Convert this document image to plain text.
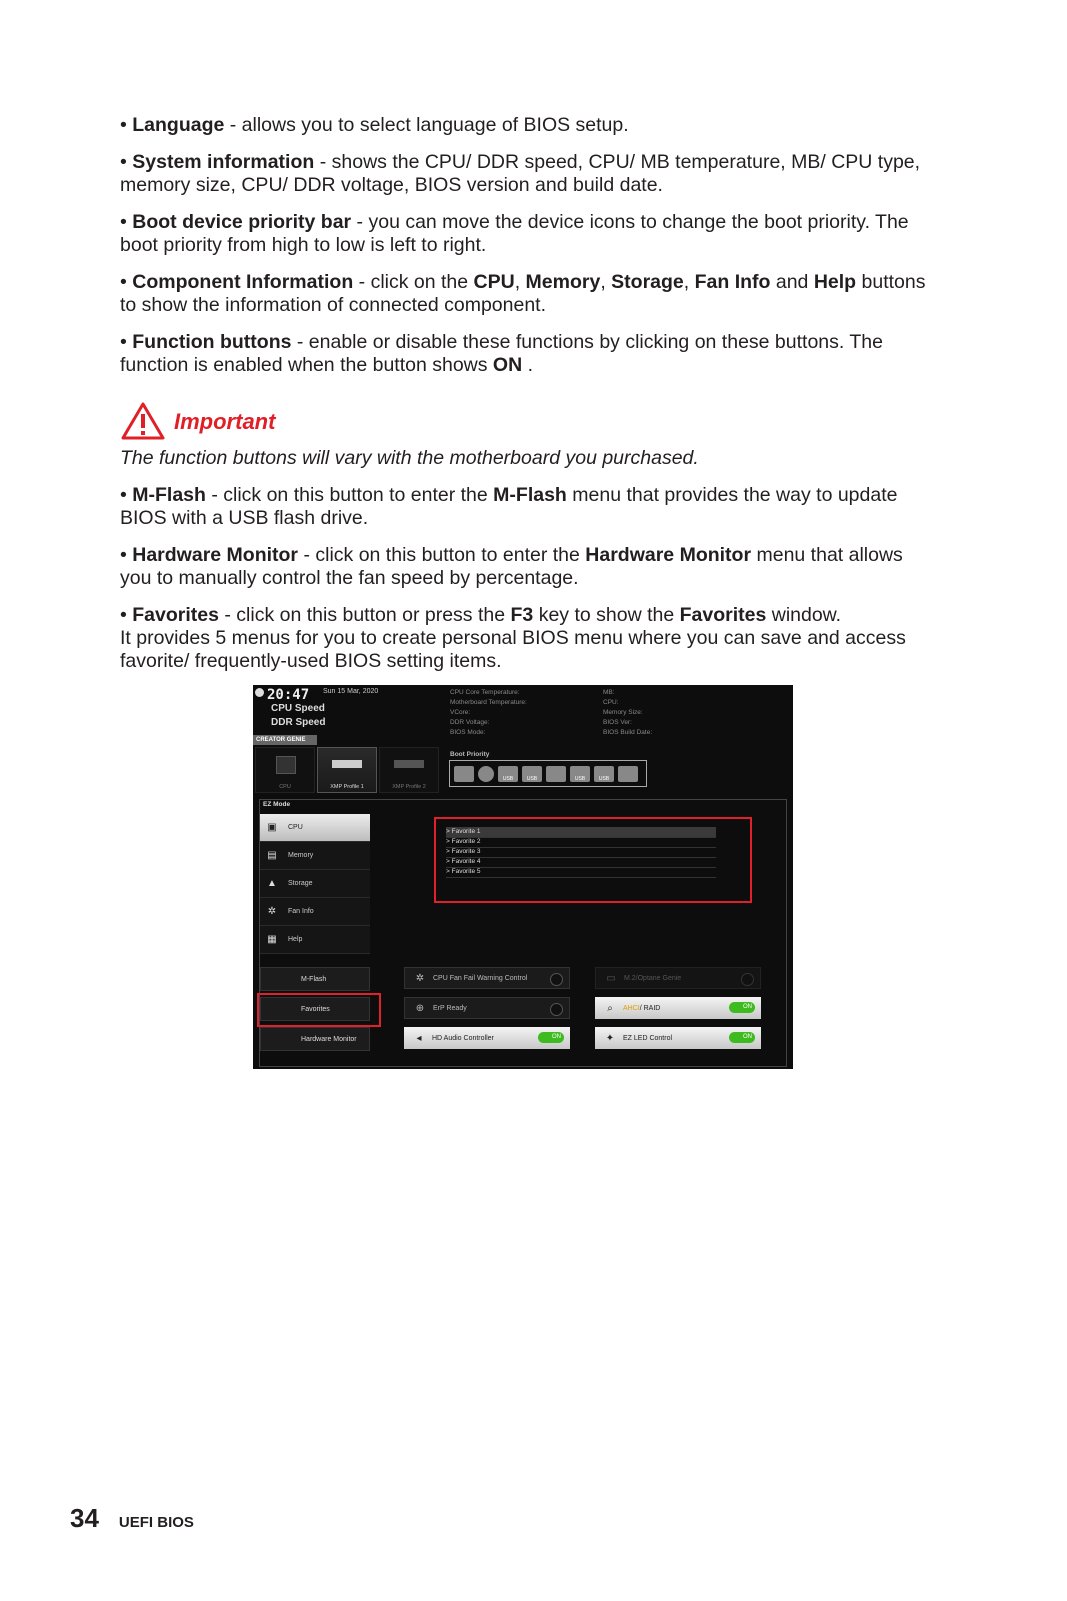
• Language - allows you to select language of BIOS setup.

• System information - shows the CPU/ DDR speed, CPU/ MB temperature, MB/ CPU type, memory size, CPU/ DDR voltage, BIOS version and build date.

• Boot device priority bar - you can move the device icons to change the boot priority. The boot priority from high to low is left to right.

• Component Information - click on the CPU, Memory, Storage, Fan Info and Help buttons to show the information of connected component.

• Function buttons - enable or disable these functions by clicking on these buttons. The function is enabled when the button shows ON .

Important

The function buttons will vary with the motherboard you purchased.

• M-Flash - click on this button to enter the M-Flash menu that provides the way to update BIOS with a USB flash drive.

• Hardware Monitor - click on this button to enter the Hardware Monitor menu that allows you to manually control the fan speed by percentage.

• Favorites - click on this button or press the F3 key to show the Favorites window.
It provides 5 menus for you to create personal BIOS menu where you can save and access favorite/ frequently-used BIOS setting items.

20:47 Sun 15 Mar, 2020
CPU Speed
DDR Speed
CPU Core Temperature:
Motherboard Temperature:
VCore:
DDR Voltage:
BIOS Mode:
MB:
CPU:
Memory Size:
BIOS Ver:
BIOS Build Date:
CREATOR GENIE
CPU	XMP Profile 1	XMP Profile 2
Boot Priority
USB	USB	USB	USB
EZ Mode
▣ CPU
▤ Memory
▲ Storage
✲ Fan Info
▦ Help
> Favorite 1
> Favorite 2
> Favorite 3
> Favorite 4
> Favorite 5
M-Flash
Favorites
Hardware Monitor
✲	CPU Fan Fail Warning Control
⊕	ErP Ready
◂	HD Audio Controller	ON
▭	M.2/Optane Genie
⌕	AHCI / RAID	ON
✦	EZ LED Control	ON
34 UEFI BIOS
